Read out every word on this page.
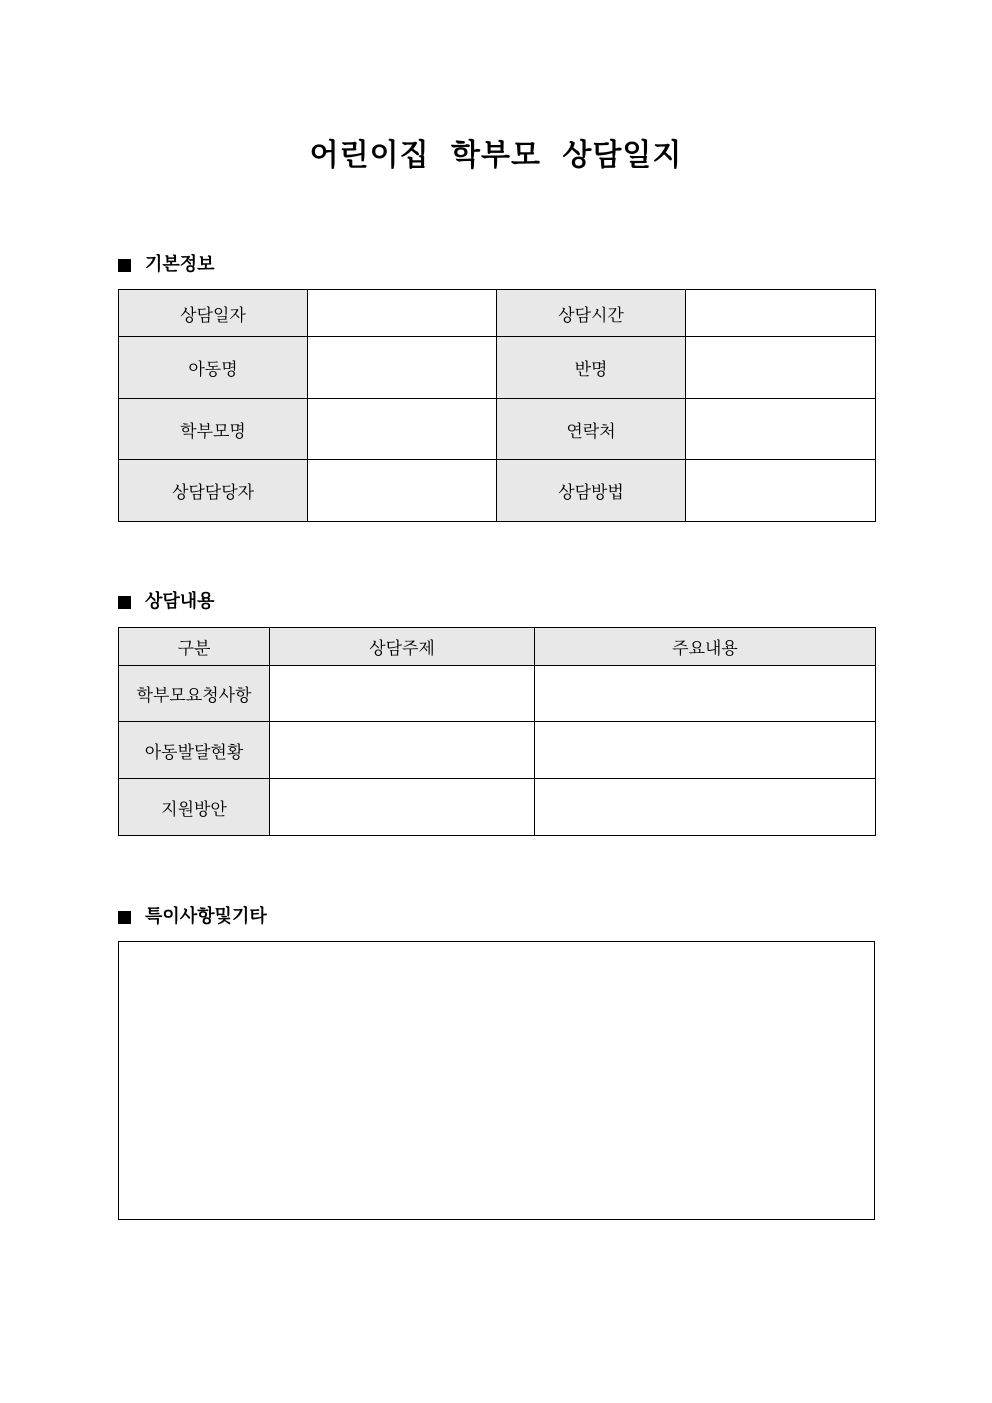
어린이집 학부모 상담일지
기본정보
상담일자		상담시간	
아동명		반명	
학부모명		연락처	
상담담당자		상담방법	
상담내용
구분	상담주제	주요내용
학부모요청사항		
아동발달현황		
지원방안		
특이사항및기타
